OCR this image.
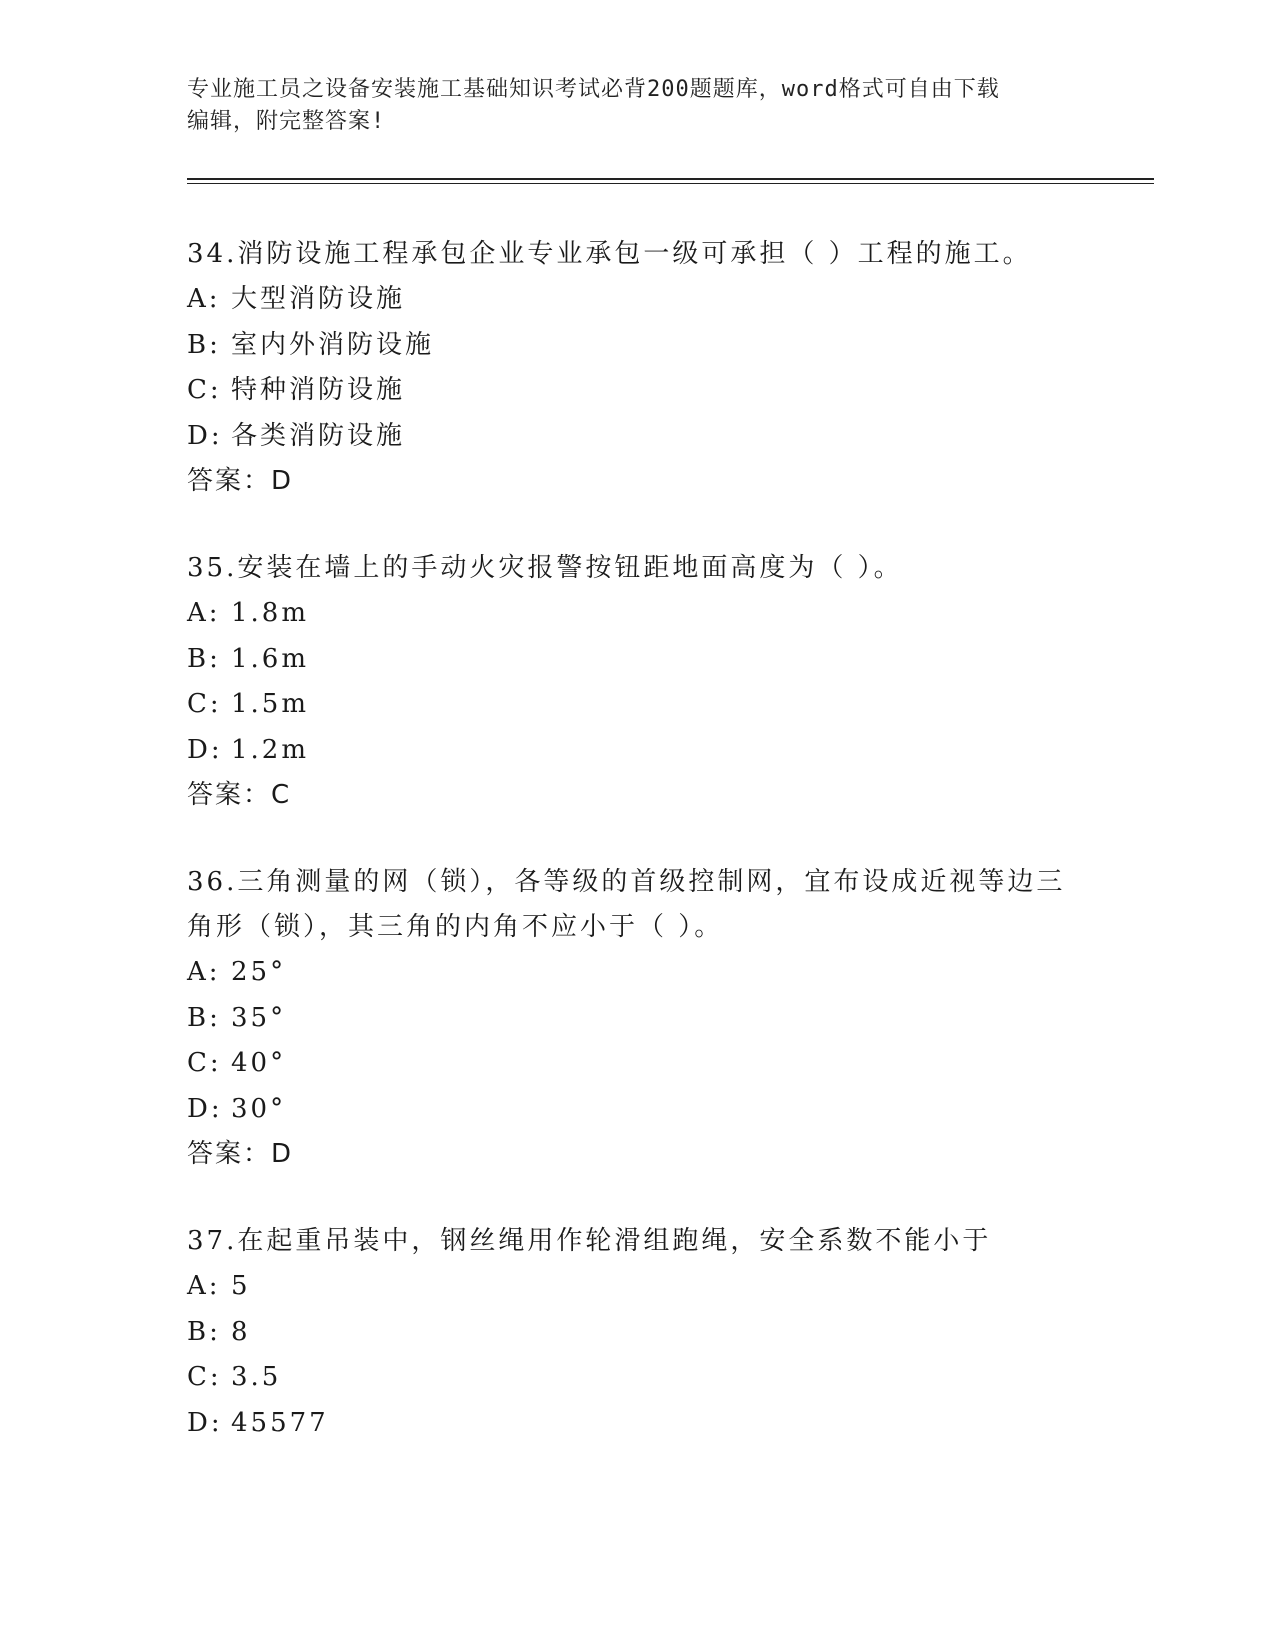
专业施工员之设备安装施工基础知识考试必背200题题库，word格式可自由下载
编辑，附完整答案!
34.消防设施工程承包企业专业承包一级可承担（ ）工程的施工。
A: 大型消防设施
B: 室内外消防设施
C: 特种消防设施
D: 各类消防设施
答案：D
35.安装在墙上的手动火灾报警按钮距地面高度为（ ）。
A: 1.8m
B: 1.6m
C: 1.5m
D: 1.2m
答案：C
36.三角测量的网（锁），各等级的首级控制网，宜布设成近视等边三角形（锁），其三角的内角不应小于（ ）。
A: 25°
B: 35°
C: 40°
D: 30°
答案：D
37.在起重吊装中，钢丝绳用作轮滑组跑绳，安全系数不能小于
A: 5
B: 8
C: 3.5
D: 45577
